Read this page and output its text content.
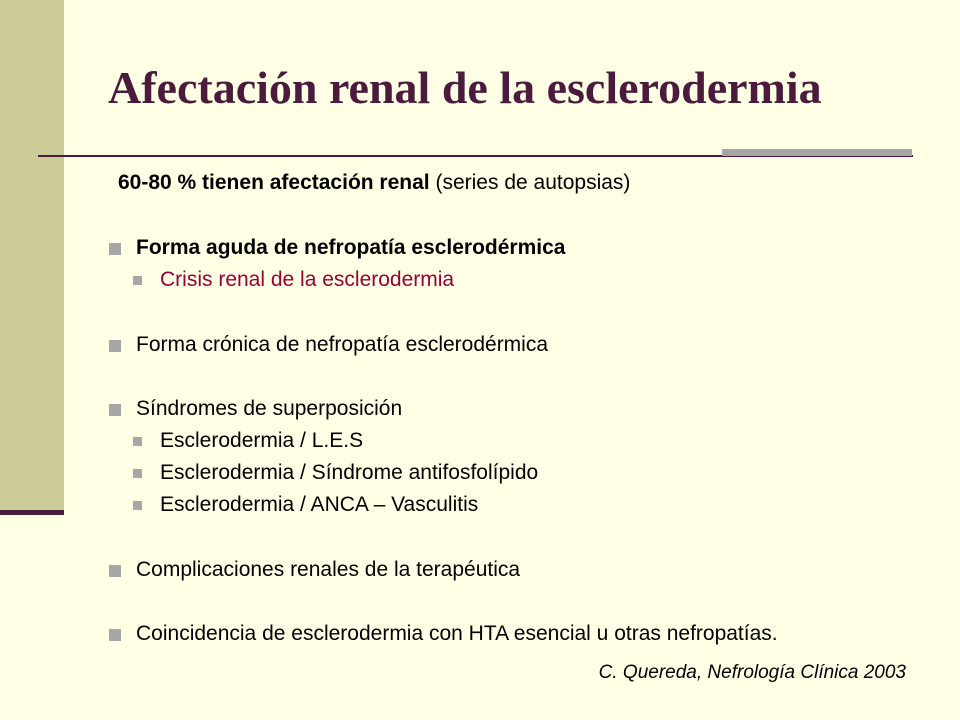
Afectación renal de la esclerodermia
60-80 % tienen afectación renal (series de autopsias)
Forma aguda de nefropatía esclerodérmica
Crisis renal de la esclerodermia
Forma crónica de nefropatía esclerodérmica
Síndromes de superposición
Esclerodermia / L.E.S
Esclerodermia / Síndrome antifosfolípido
Esclerodermia / ANCA – Vasculitis
Complicaciones renales de la terapéutica
Coincidencia de esclerodermia con HTA esencial u otras nefropatías.
C. Quereda, Nefrología Clínica 2003
